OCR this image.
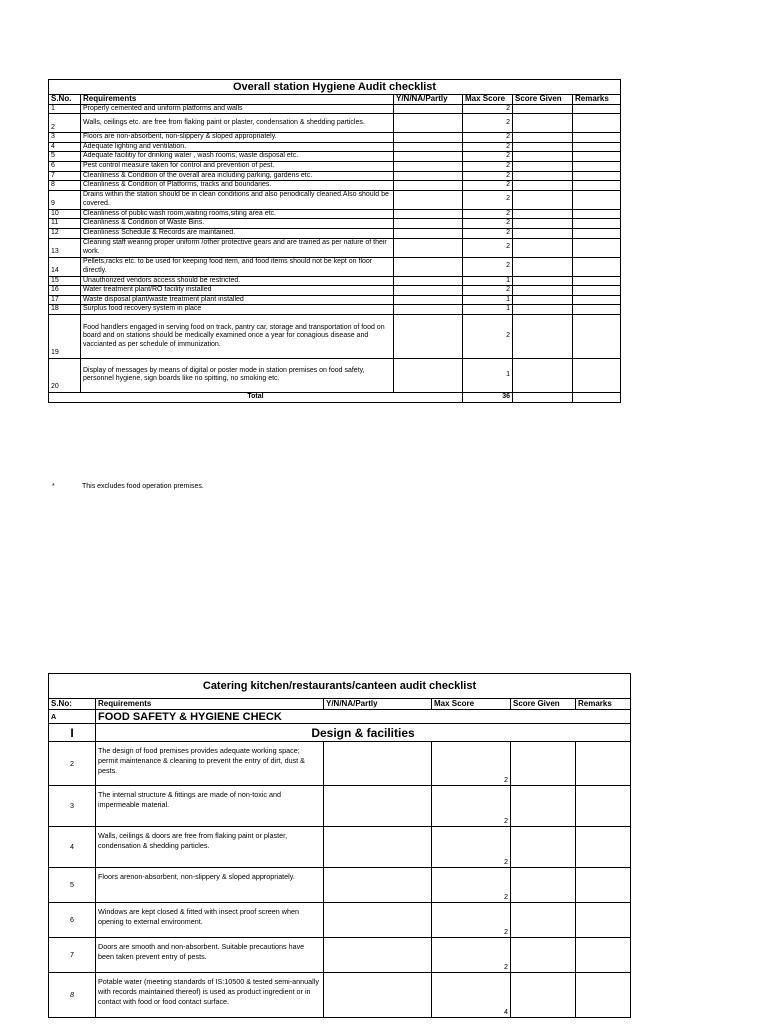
Overall station Hygiene Audit checklist					
S.No.	Requirements	Y/N/NA/Partly	Max Score	Score Given	Remarks
1	Properly cemented and uniform platforms and walls		2		
2	Walls, ceilings etc. are free from flaking paint or plaster, condensation & shedding particles.		2		
3	Floors are non-absorbent, non-slippery & sloped appropriately.		2		
4	Adequate lighting and ventilation.		2		
5	Adequate facilitiy for drinking water , wash rooms, waste disposal etc.		2		
6	Pest control measure taken for control and prevention of pest.		2		
7	Cleanliness & Condition of the overall area including parking, gardens etc.		2		
8	Cleanliness & Condition of Platforms, tracks and boundaries.		2		
9	Drains within the station should be in clean conditions and also periodically cleaned.Also should be covered.		2		
10	Cleanliness of public wash room,waiting rooms,siting area etc.		2		
11	Cleanliness & Condition of Waste Bins.		2		
12	Cleanliness Schedule & Records are maintained.		2		
13	Cleaning staff wearing proper uniform /other protective gears and are trained as per nature of their work.		2		
14	Pellets,racks etc. to be used for keeping food item, and food items should not be kept on floor directly.		2		
15	Unauthorized vendors access should be restricted.		1		
16	Water treatment plant/RO facility installed		2		
17	Waste disposal plant/waste treatment plant installed		1		
18	Surplus food recovery system in place		1		
19	Food handlers engaged in serving food on track, pantry car, storage and transportation of food on board and on stations should be medically examined once a year for conagious disease and vaccianted as per schedule of immunization.		2		
20	Display of messages by means of digital or poster mode in station premises on food safety, personnel hygiene, sign boards like no spitting, no smoking etc.		1		
Total			36		
*	This excludes food operation premises.
Catering kitchen/restaurants/canteen audit checklist					
S.No:	Requirements	Y/N/NA/Partly	Max Score	Score Given	Remarks
A	FOOD SAFETY & HYGIENE CHECK				
I	Design & facilities				
2	The design of food premises provides adequate working space; permit maintenance & cleaning to prevent the entry of dirt, dust & pests.		2		
3	The internal structure & fittings are made of non-toxic and impermeable material.		2		
4	Walls, ceilings & doors are free from flaking paint or plaster, condensation & shedding particles.		2		
5	Floors arenon-absorbent, non-slippery & sloped appropriately.		2		
6	Windows are kept closed & fitted with insect proof screen when opening to external environment.		2		
7	Doors are smooth and non-absorbent. Suitable precautions have been taken prevent entry of pests.		2		
8	Potable water (meeting standards of IS:10500 & tested semi-annually with records maintained thereof) is used as product ingredient or in contact with food or food contact surface.		4		
